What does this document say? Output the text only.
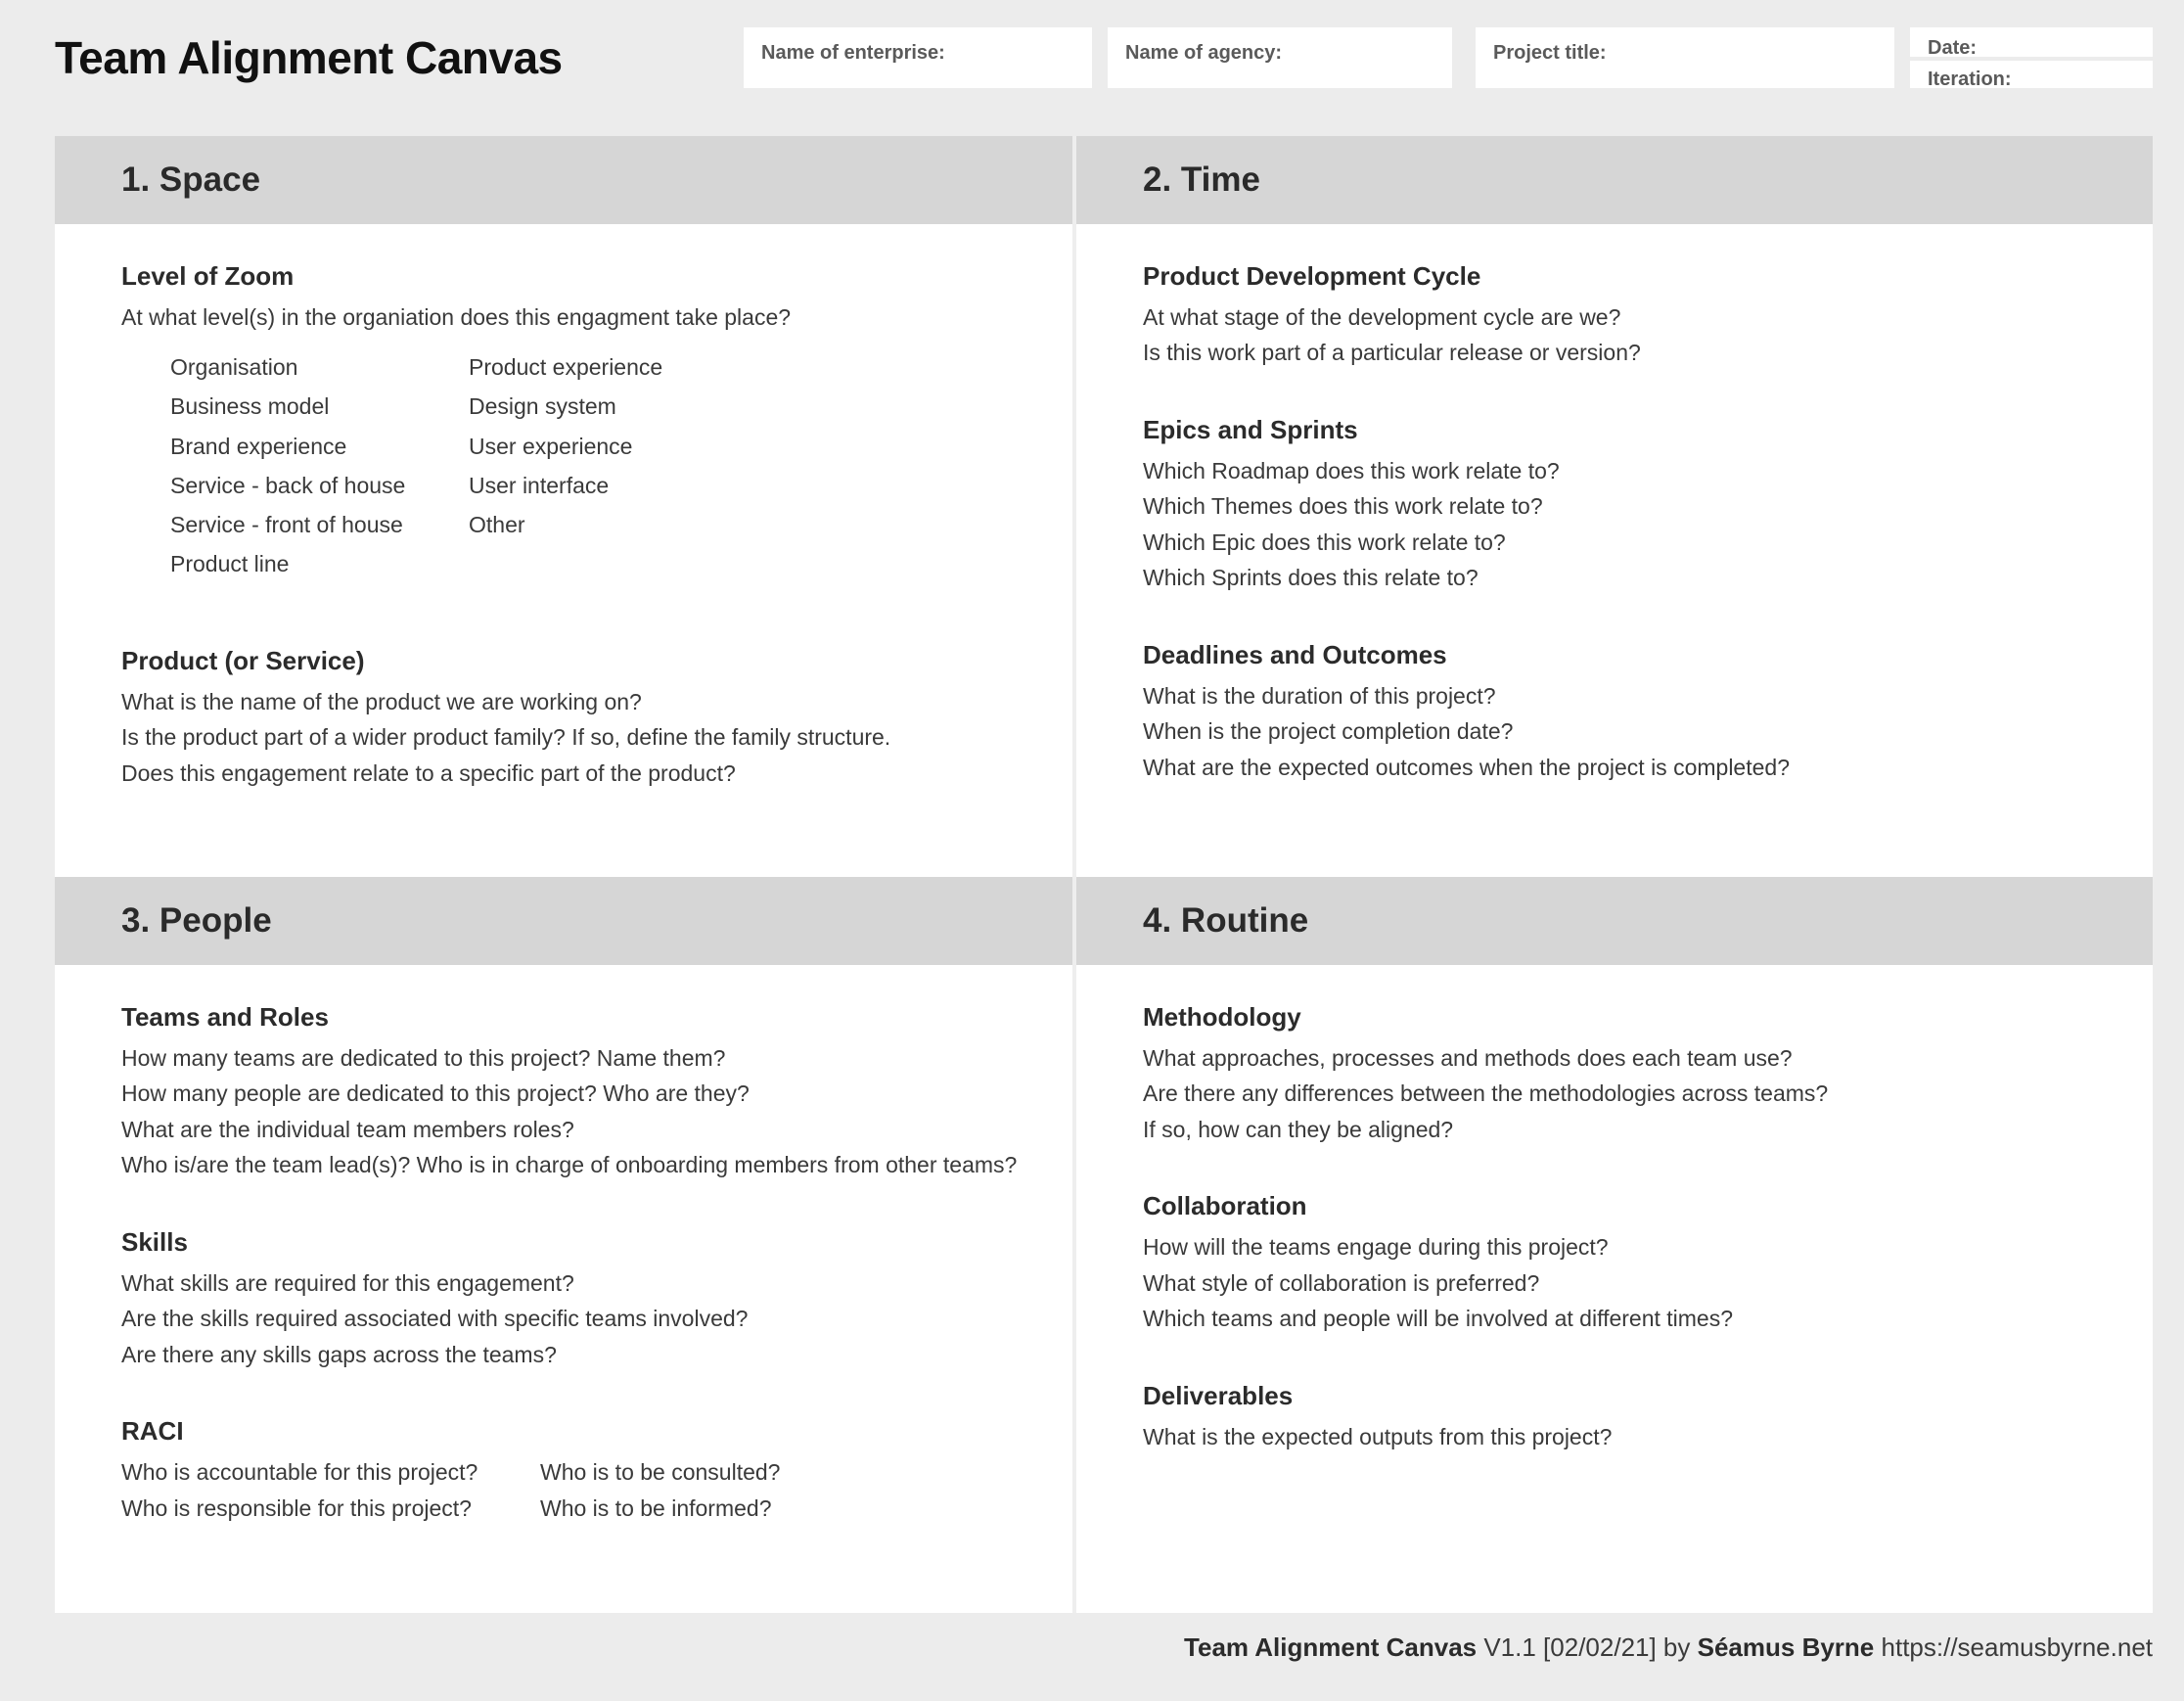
Team Alignment Canvas	Name of enterprise:	Name of agency:	Project title:	Date:
Iteration:
1. Space
Level of Zoom
At what level(s) in the organiation does this engagment take place?
Organisation	Product experience
Business model	Design system
Brand experience	User experience
Service - back of house	User interface
Service - front of house	Other
Product line
Product (or Service)
What is the name of the product we are working on?
Is the product part of a wider product family? If so, define the family structure.
Does this engagement relate to a specific part of the product?
2. Time
Product Development Cycle
At what stage of the development cycle are we?
Is this work part of a particular release or version?
Epics and Sprints
Which Roadmap does this work relate to?
Which Themes does this work relate to?
Which Epic does this work relate to?
Which Sprints does this relate to?
Deadlines and Outcomes
What is the duration of this project?
When is the project completion date?
What are the expected outcomes when the project is completed?
3. People
Teams and Roles
How many teams are dedicated to this project? Name them?
How many people are dedicated to this project? Who are they?
What are the individual team members roles?
Who is/are the team lead(s)? Who is in charge of onboarding members from other teams?
Skills
What skills are required for this engagement?
Are the skills required associated with specific teams involved?
Are there any skills gaps across the teams?
RACI
Who is accountable for this project?	Who is to be consulted?
Who is responsible for this project?	Who is to be informed?
4. Routine
Methodology
What approaches, processes and methods does each team use?
Are there any differences between the methodologies across teams?
If so, how can they be aligned?
Collaboration
How will the teams engage during this project?
What style of collaboration is preferred?
Which teams and people will be involved at different times?
Deliverables
What is the expected outputs from this project?
Team Alignment Canvas V1.1 [02/02/21] by Séamus Byrne https://seamusbyrne.net
